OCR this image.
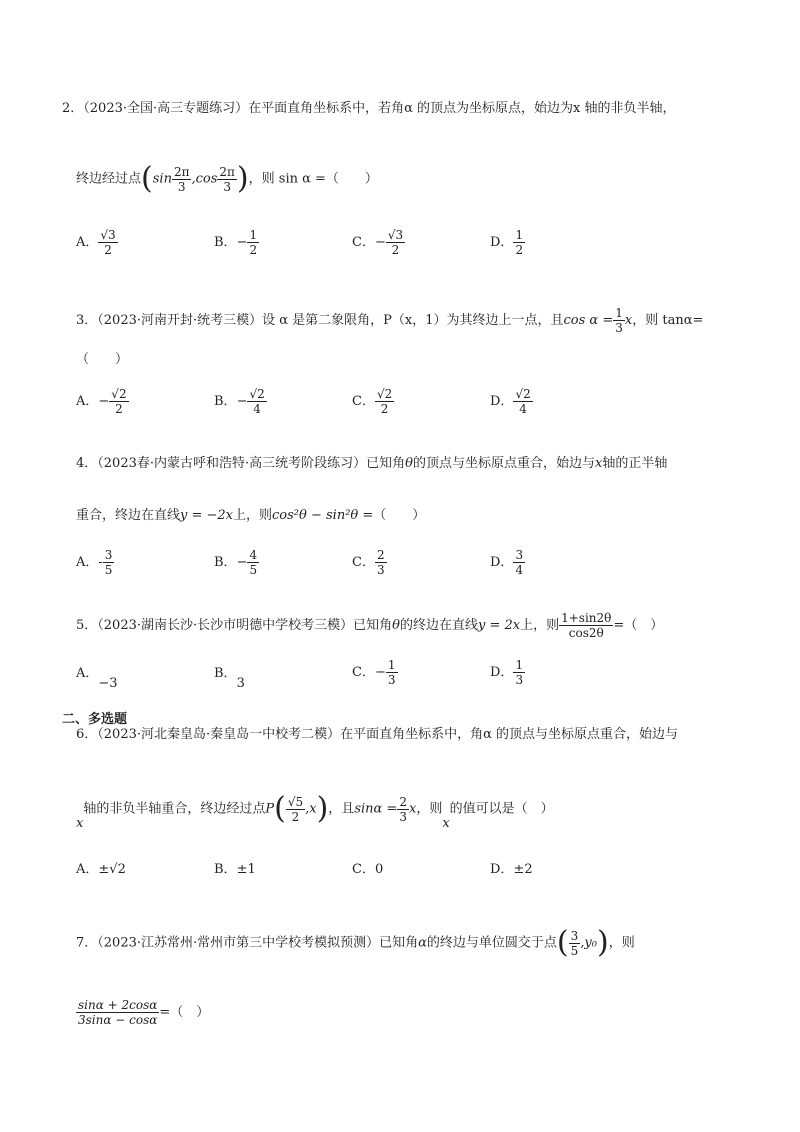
2．（2023·全国·高三专题练习）在平面直角坐标系中，若角α 的顶点为坐标原点，始边为x 轴的非负半轴，
终边经过点($\sin \frac{2\pi}{3} ,\cos \frac{2\pi}{3}$ )，则 sin α =（　　）
A． $\frac{√3}{2}$	B．− $\frac{1}{2}$	C．− $\frac{√3}{2}$	D． $\frac{1}{2}$
3．（2023·河南开封·统考三模）设 α 是第二象限角，P（x，1）为其终边上一点，且$\cos \alpha = \frac{1}{3}$ x，则 tanα=
（　　）
A．− $\frac{√2}{2}$	B．− $\frac{√2}{4}$	C． $\frac{√2}{2}$	D． $\frac{√2}{4}$
4．（2023春·内蒙古呼和浩特·高三统考阶段练习）已知角θ的顶点与坐标原点重合，始边与x轴的正半轴
重合，终边在直线y = −2x上，则cos²θ − sin²θ =（　　）
A．- $\frac{3}{5}$	B．− $\frac{4}{5}$	C． $\frac{2}{3}$	D． $\frac{3}{4}$
5．（2023·湖南长沙·长沙市明德中学校考三模）已知角θ的终边在直线y = 2x上，则 $\frac{1+\sin 2\theta}{\cos 2\theta}$ =（　）
A．−3
B．3
C．− $\frac{1}{3}$	D． $\frac{1}{3}$
二、多选题
6．（2023·河北秦皇岛·秦皇岛一中校考二模）在平面直角坐标系中，角α 的顶点与坐标原点重合，始边与
x轴的非负半轴重合，终边经过点$P( \frac{√5}{2} ,x)$，且$\sin\alpha = \frac{2}{3}$ x，则x的值可以是（　）
A．±√2	B．±1	C．0	D．±2
7．（2023·江苏常州·常州市第三中学校考模拟预测）已知角α的终边与单位圆交于点( $\frac{3}{5} ,y_0$)，则
$\frac{\sin\alpha + 2\cos\alpha}{3\sin\alpha - \cos\alpha}$ =（　）
